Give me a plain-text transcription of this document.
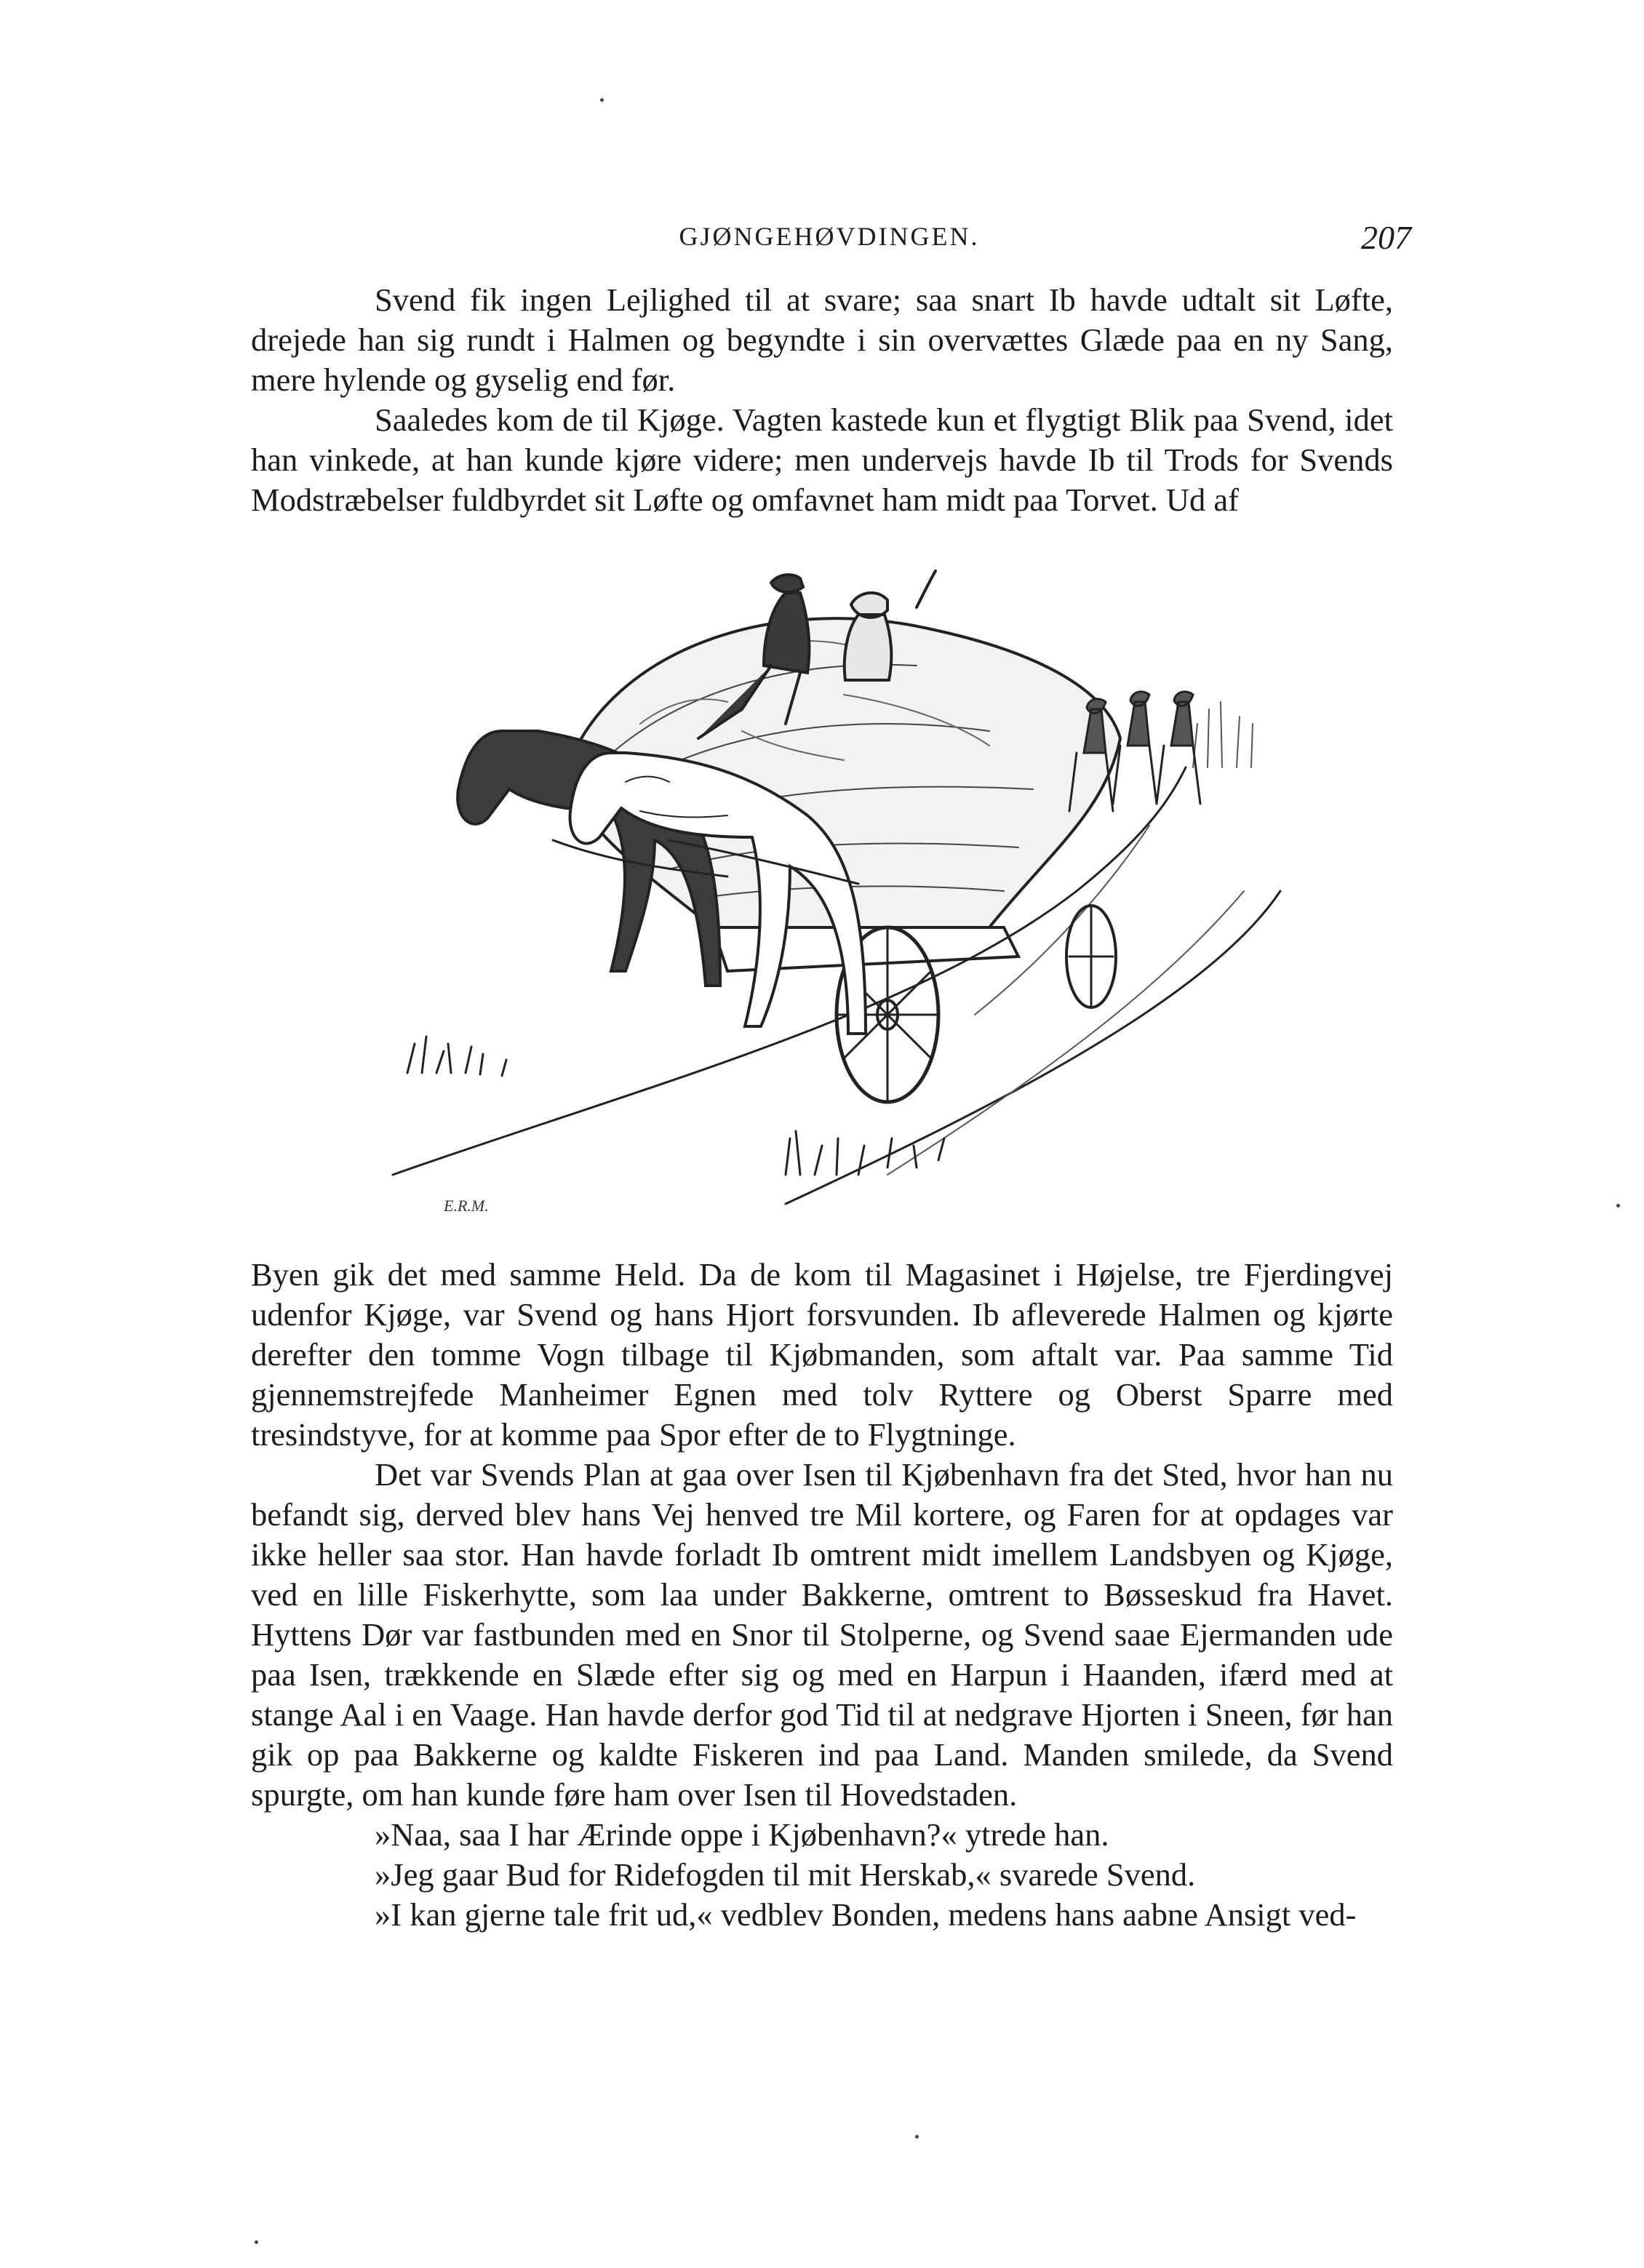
GJØNGEHØVDINGEN.	207

Svend fik ingen Lejlighed til at svare; saa snart Ib havde udtalt sit Løfte, drejede han sig rundt i Halmen og begyndte i sin overvættes Glæde paa en ny Sang, mere hylende og gyselig end før.

Saaledes kom de til Kjøge. Vagten kastede kun et flygtigt Blik paa Svend, idet han vinkede, at han kunde kjøre videre; men undervejs havde Ib til Trods for Svends Modstræbelser fuldbyrdet sit Løfte og omfavnet ham midt paa Torvet. Ud af

E.R.M.

Byen gik det med samme Held. Da de kom til Magasinet i Højelse, tre Fjerdingvej udenfor Kjøge, var Svend og hans Hjort forsvunden. Ib afleverede Halmen og kjørte derefter den tomme Vogn tilbage til Kjøbmanden, som aftalt var. Paa samme Tid gjennemstrejfede Manheimer Egnen med tolv Ryttere og Oberst Sparre med tresindstyve, for at komme paa Spor efter de to Flygtninge.

Det var Svends Plan at gaa over Isen til Kjøbenhavn fra det Sted, hvor han nu befandt sig, derved blev hans Vej henved tre Mil kortere, og Faren for at opdages var ikke heller saa stor. Han havde forladt Ib omtrent midt imellem Landsbyen og Kjøge, ved en lille Fiskerhytte, som laa under Bakkerne, omtrent to Bøsseskud fra Havet. Hyttens Dør var fastbunden med en Snor til Stolperne, og Svend saae Ejermanden ude paa Isen, trækkende en Slæde efter sig og med en Harpun i Haanden, ifærd med at stange Aal i en Vaage. Han havde derfor god Tid til at nedgrave Hjorten i Sneen, før han gik op paa Bakkerne og kaldte Fiskeren ind paa Land. Manden smilede, da Svend spurgte, om han kunde føre ham over Isen til Hovedstaden.

»Naa, saa I har Ærinde oppe i Kjøbenhavn?« ytrede han.

»Jeg gaar Bud for Ridefogden til mit Herskab,« svarede Svend.

»I kan gjerne tale frit ud,« vedblev Bonden, medens hans aabne Ansigt ved-
